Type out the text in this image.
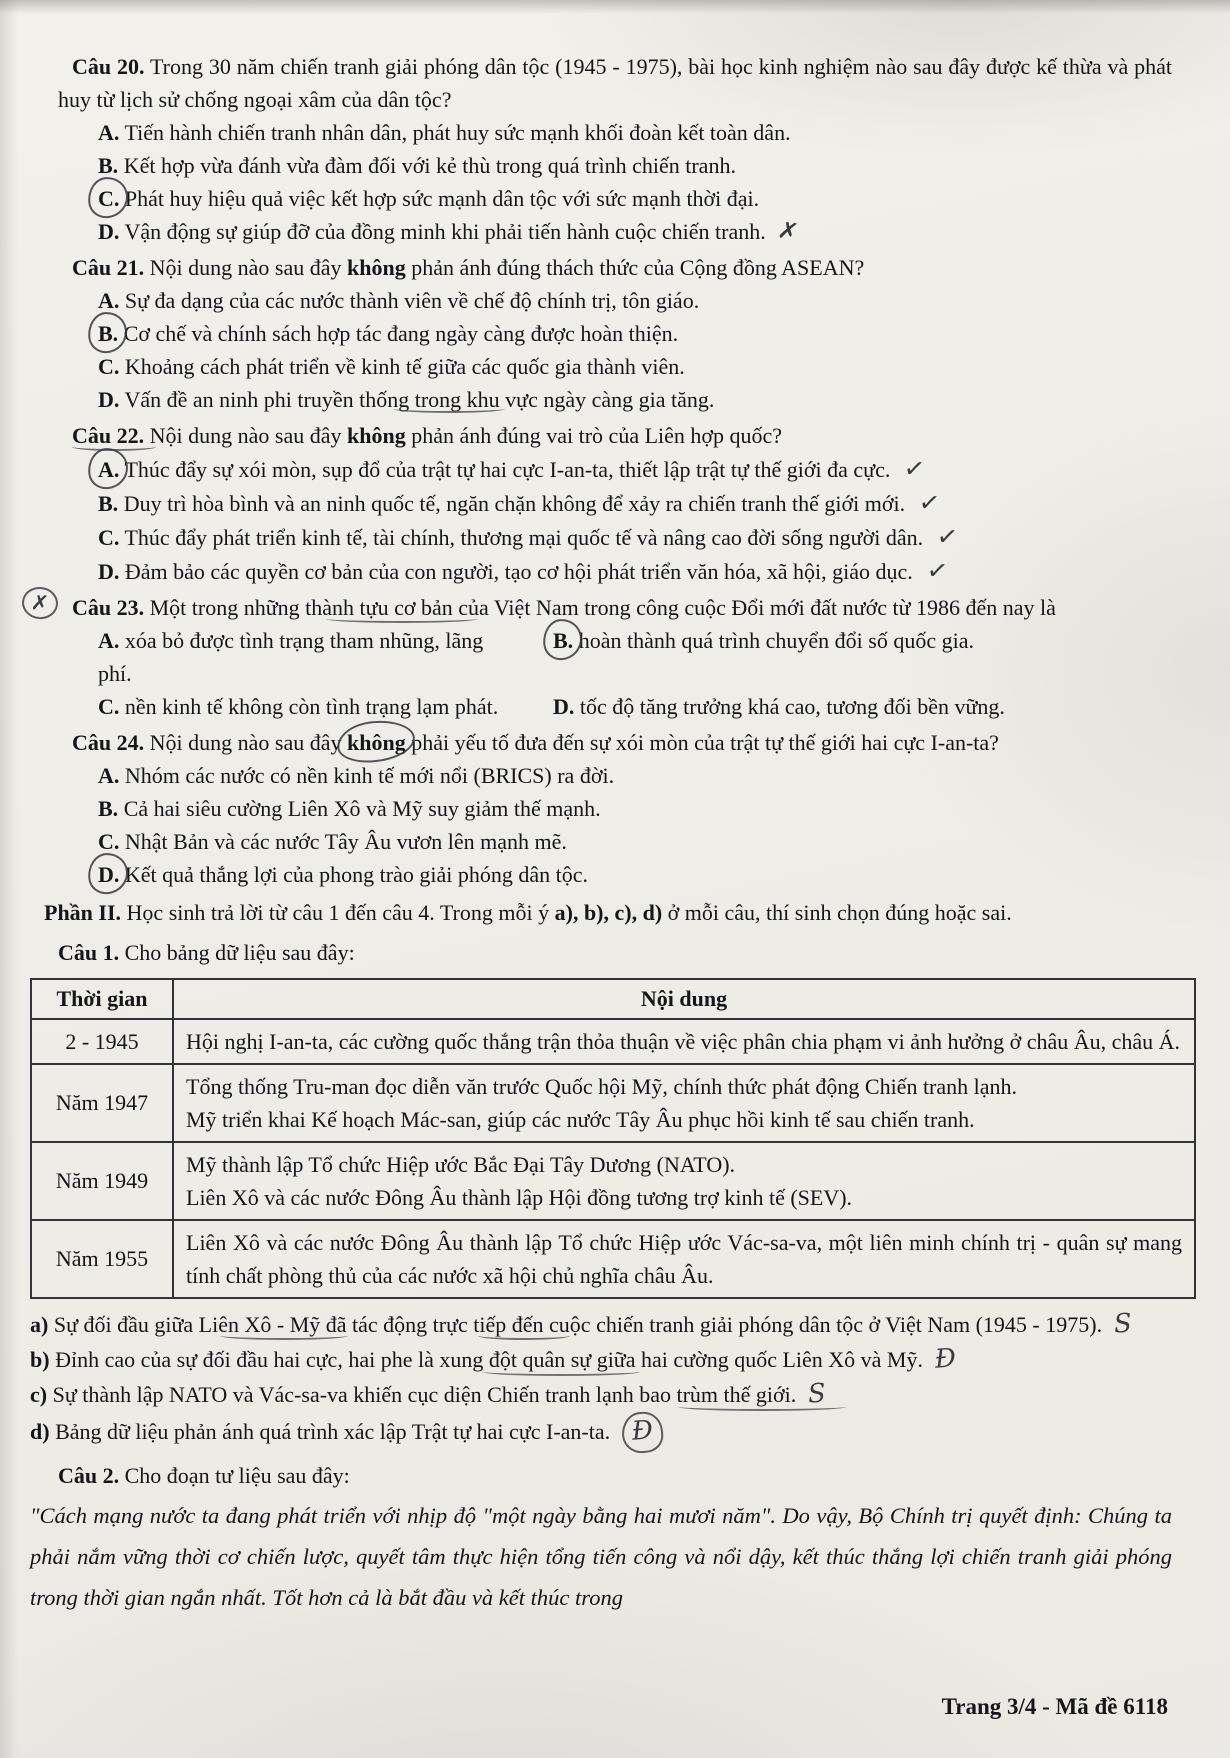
Câu 20. Trong 30 năm chiến tranh giải phóng dân tộc (1945 - 1975), bài học kinh nghiệm nào sau đây được kế thừa và phát huy từ lịch sử chống ngoại xâm của dân tộc?
A. Tiến hành chiến tranh nhân dân, phát huy sức mạnh khối đoàn kết toàn dân.
B. Kết hợp vừa đánh vừa đàm đối với kẻ thù trong quá trình chiến tranh.
C. Phát huy hiệu quả việc kết hợp sức mạnh dân tộc với sức mạnh thời đại.
D. Vận động sự giúp đỡ của đồng minh khi phải tiến hành cuộc chiến tranh. ✗
Câu 21. Nội dung nào sau đây không phản ánh đúng thách thức của Cộng đồng ASEAN?
A. Sự đa dạng của các nước thành viên về chế độ chính trị, tôn giáo.
B. Cơ chế và chính sách hợp tác đang ngày càng được hoàn thiện.
C. Khoảng cách phát triển về kinh tế giữa các quốc gia thành viên.
D. Vấn đề an ninh phi truyền thống trong khu vực ngày càng gia tăng.
Câu 22. Nội dung nào sau đây không phản ánh đúng vai trò của Liên hợp quốc?
A. Thúc đẩy sự xói mòn, sụp đổ của trật tự hai cực I-an-ta, thiết lập trật tự thế giới đa cực. ✓
B. Duy trì hòa bình và an ninh quốc tế, ngăn chặn không để xảy ra chiến tranh thế giới mới. ✓
C. Thúc đẩy phát triển kinh tế, tài chính, thương mại quốc tế và nâng cao đời sống người dân. ✓
D. Đảm bảo các quyền cơ bản của con người, tạo cơ hội phát triển văn hóa, xã hội, giáo dục. ✓
✗	Câu 23. Một trong những thành tựu cơ bản của Việt Nam trong công cuộc Đổi mới đất nước từ 1986 đến nay là
A. xóa bỏ được tình trạng tham nhũng, lãng phí.
B. hoàn thành quá trình chuyển đổi số quốc gia.
C. nền kinh tế không còn tình trạng lạm phát.	D. tốc độ tăng trưởng khá cao, tương đối bền vững.
Câu 24. Nội dung nào sau đây không phải yếu tố đưa đến sự xói mòn của trật tự thế giới hai cực I-an-ta?
A. Nhóm các nước có nền kinh tế mới nổi (BRICS) ra đời.
B. Cả hai siêu cường Liên Xô và Mỹ suy giảm thế mạnh.
C. Nhật Bản và các nước Tây Âu vươn lên mạnh mẽ.
D. Kết quả thắng lợi của phong trào giải phóng dân tộc.
Phần II. Học sinh trả lời từ câu 1 đến câu 4. Trong mỗi ý a), b), c), d) ở mỗi câu, thí sinh chọn đúng hoặc sai.
Câu 1. Cho bảng dữ liệu sau đây:
Thời gian	Nội dung
2 - 1945	Hội nghị I-an-ta, các cường quốc thắng trận thỏa thuận về việc phân chia phạm vi ảnh hưởng ở châu Âu, châu Á.

Năm 1947	Tổng thống Tru-man đọc diễn văn trước Quốc hội Mỹ, chính thức phát động Chiến tranh lạnh.
Mỹ triển khai Kế hoạch Mác-san, giúp các nước Tây Âu phục hồi kinh tế sau chiến tranh.

Năm 1949	Mỹ thành lập Tổ chức Hiệp ước Bắc Đại Tây Dương (NATO).
Liên Xô và các nước Đông Âu thành lập Hội đồng tương trợ kinh tế (SEV).

Năm 1955	Liên Xô và các nước Đông Âu thành lập Tổ chức Hiệp ước Vác-sa-va, một liên minh chính trị - quân sự mang tính chất phòng thủ của các nước xã hội chủ nghĩa châu Âu.
a) Sự đối đầu giữa Liên Xô - Mỹ đã tác động trực tiếp đến cuộc chiến tranh giải phóng dân tộc ở Việt Nam (1945 - 1975). S
b) Đỉnh cao của sự đối đầu hai cực, hai phe là xung đột quân sự giữa hai cường quốc Liên Xô và Mỹ. Đ
c) Sự thành lập NATO và Vác-sa-va khiến cục diện Chiến tranh lạnh bao trùm thế giới. S
d) Bảng dữ liệu phản ánh quá trình xác lập Trật tự hai cực I-an-ta. Đ
Câu 2. Cho đoạn tư liệu sau đây:
"Cách mạng nước ta đang phát triển với nhịp độ "một ngày bằng hai mươi năm". Do vậy, Bộ Chính trị quyết định: Chúng ta phải nắm vững thời cơ chiến lược, quyết tâm thực hiện tổng tiến công và nổi dậy, kết thúc thắng lợi chiến tranh giải phóng trong thời gian ngắn nhất. Tốt hơn cả là bắt đầu và kết thúc trong
Trang 3/4 - Mã đề 6118
